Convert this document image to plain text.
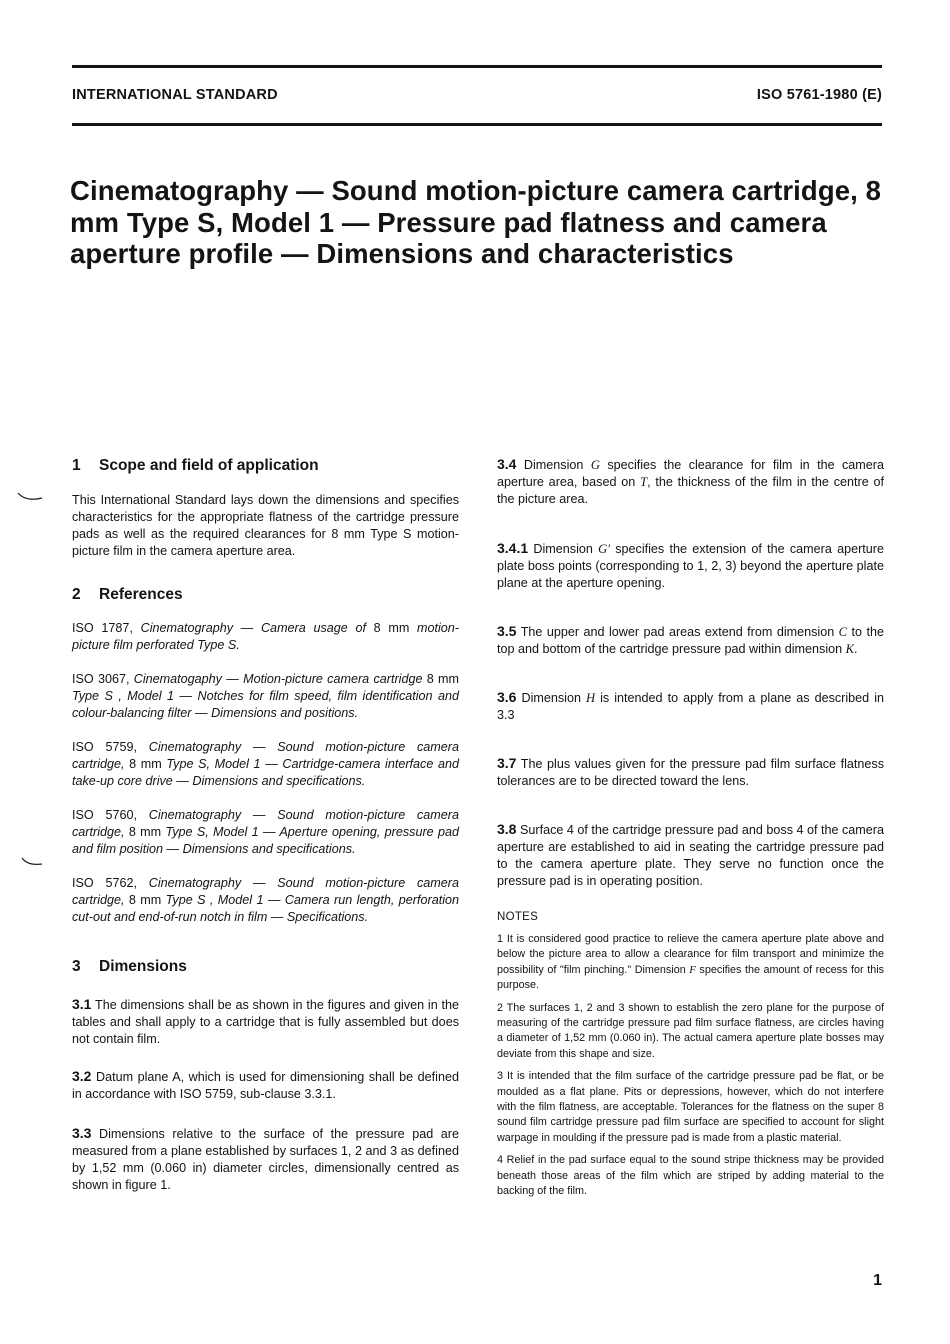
INTERNATIONAL STANDARD	ISO 5761-1980 (E)
Cinematography — Sound motion-picture camera cartridge, 8 mm Type S, Model 1 — Pressure pad flatness and camera aperture profile — Dimensions and characteristics
1 Scope and field of application

This International Standard lays down the dimensions and specifies characteristics for the appropriate flatness of the cartridge pressure pads as well as the required clearances for 8 mm Type S motion-picture film in the camera aperture area.

2 References

ISO 1787, Cinematography — Camera usage of 8 mm motion-picture film perforated Type S.

ISO 3067, Cinematogaphy — Motion-picture camera cartridge 8 mm Type S , Model 1 — Notches for film speed, film identification and colour-balancing filter — Dimensions and positions.

ISO 5759, Cinematography — Sound motion-picture camera cartridge, 8 mm Type S, Model 1 — Cartridge-camera interface and take-up core drive — Dimensions and specifications.

ISO 5760, Cinematography — Sound motion-picture camera cartridge, 8 mm Type S, Model 1 — Aperture opening, pressure pad and film position — Dimensions and specifications.

ISO 5762, Cinematography — Sound motion-picture camera cartridge, 8 mm Type S , Model 1 — Camera run length, perforation cut-out and end-of-run notch in film — Specifications.

3 Dimensions

3.1 The dimensions shall be as shown in the figures and given in the tables and shall apply to a cartridge that is fully assembled but does not contain film.

3.2 Datum plane A, which is used for dimensioning shall be defined in accordance with ISO 5759, sub-clause 3.3.1.

3.3 Dimensions relative to the surface of the pressure pad are measured from a plane established by surfaces 1, 2 and 3 as defined by 1,52 mm (0.060 in) diameter circles, dimensionally centred as shown in figure 1.

3.4 Dimension G specifies the clearance for film in the camera aperture area, based on T, the thickness of the film in the centre of the picture area.

3.4.1 Dimension G′ specifies the extension of the camera aperture plate boss points (corresponding to 1, 2, 3) beyond the aperture plate plane at the aperture opening.

3.5 The upper and lower pad areas extend from dimension C to the top and bottom of the cartridge pressure pad within dimension K.

3.6 Dimension H is intended to apply from a plane as described in 3.3

3.7 The plus values given for the pressure pad film surface flatness tolerances are to be directed toward the lens.

3.8 Surface 4 of the cartridge pressure pad and boss 4 of the camera aperture are established to aid in seating the cartridge pressure pad to the camera aperture plate. They serve no function once the pressure pad is in operating position.

NOTES

1 It is considered good practice to relieve the camera aperture plate above and below the picture area to allow a clearance for film transport and minimize the possibility of "film pinching." Dimension F specifies the amount of recess for this purpose.

2 The surfaces 1, 2 and 3 shown to establish the zero plane for the purpose of measuring of the cartridge pressure pad film surface flatness, are circles having a diameter of 1,52 mm (0.060 in). The actual camera aperture plate bosses may deviate from this shape and size.

3 It is intended that the film surface of the cartridge pressure pad be flat, or be moulded as a flat plane. Pits or depressions, however, which do not interfere with the film flatness, are acceptable. Tolerances for the flatness on the super 8 sound film cartridge pressure pad film surface are specified to account for slight warpage in moulding if the pressure pad is made from a plastic material.

4 Relief in the pad surface equal to the sound stripe thickness may be provided beneath those areas of the film which are striped by adding material to the backing of the film.

1
